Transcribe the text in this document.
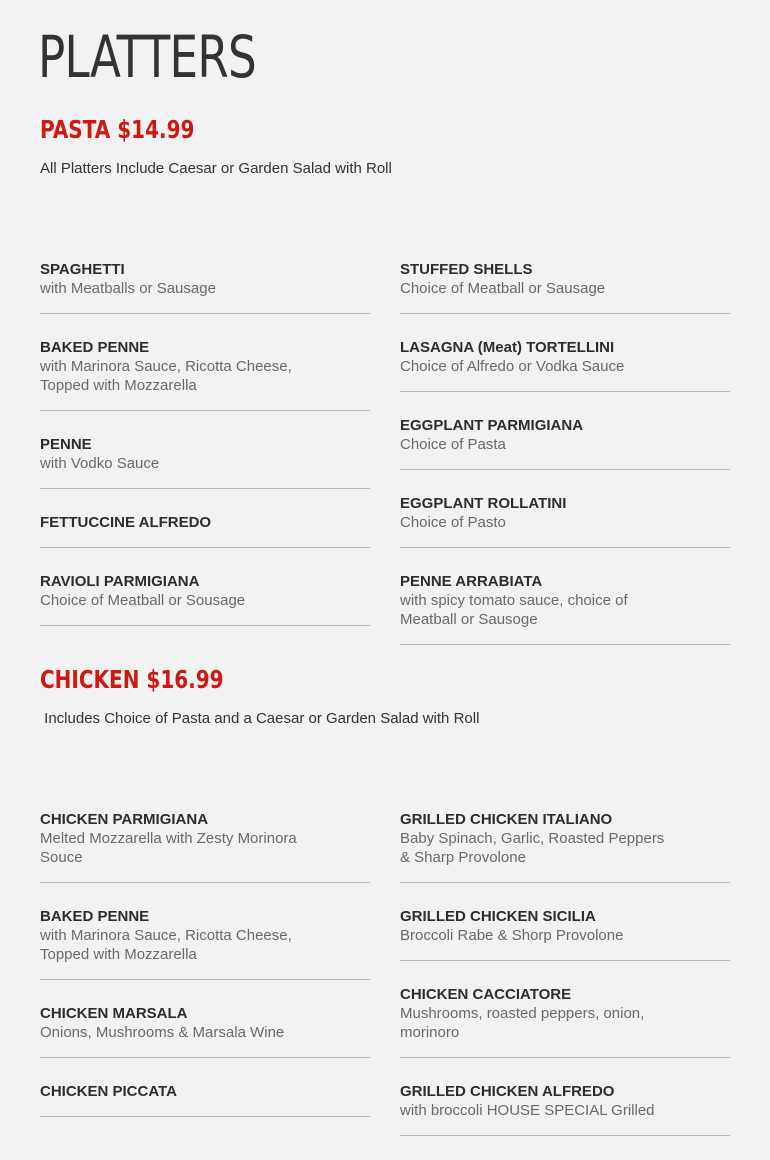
PLATTERS
PASTA $14.99

All Platters Include Caesar or Garden Salad with Roll

SPAGHETTI
with Meatballs or Sausage
BAKED PENNE
with Marinora Sauce, Ricotta Cheese, Topped with Mozzarella
PENNE
with Vodko Sauce
FETTUCCINE ALFREDO
RAVIOLI PARMIGIANA
Choice of Meatball or Sousage
STUFFED SHELLS
Choice of Meatball or Sausage
LASAGNA (Meat) TORTELLINI
Choice of Alfredo or Vodka Sauce
EGGPLANT PARMIGIANA
Choice of Pasta
EGGPLANT ROLLATINI
Choice of Pasto
PENNE ARRABIATA
with spicy tomato sauce, choice of Meatball or Sausoge
CHICKEN $16.99

Includes Choice of Pasta and a Caesar or Garden Salad with Roll

CHICKEN PARMIGIANA
Melted Mozzarella with Zesty Morinora Souce
BAKED PENNE
with Marinora Sauce, Ricotta Cheese, Topped with Mozzarella
CHICKEN MARSALA
Onions, Mushrooms & Marsala Wine
CHICKEN PICCATA
GRILLED CHICKEN ITALIANO
Baby Spinach, Garlic, Roasted Peppers & Sharp Provolone
GRILLED CHICKEN SICILIA
Broccoli Rabe & Shorp Provolone
CHICKEN CACCIATORE
Mushrooms, roasted peppers, onion, morinoro
GRILLED CHICKEN ALFREDO
with broccoli HOUSE SPECIAL Grilled
